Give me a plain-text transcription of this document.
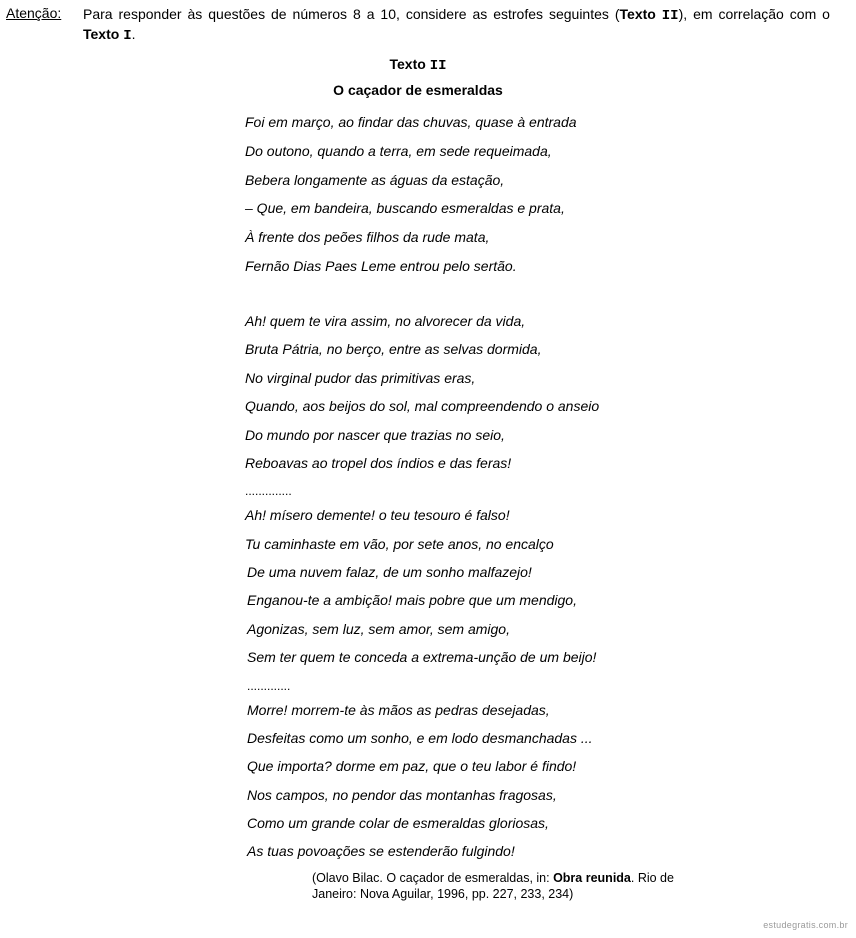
Atenção: Para responder às questões de números 8 a 10, considere as estrofes seguintes (Texto II), em correlação com o Texto I.
Texto II
O caçador de esmeraldas
Foi em março, ao findar das chuvas, quase à entrada
Do outono, quando a terra, em sede requeimada,
Bebera longamente as águas da estação,
– Que, em bandeira, buscando esmeraldas e prata,
À frente dos peões filhos da rude mata,
Fernão Dias Paes Leme entrou pelo sertão.
Ah! quem te vira assim, no alvorecer da vida,
Bruta Pátria, no berço, entre as selvas dormida,
No virginal pudor das primitivas eras,
Quando, aos beijos do sol, mal compreendendo o anseio
Do mundo por nascer que trazias no seio,
Reboavas ao tropel dos índios e das feras!
..............
Ah! mísero demente! o teu tesouro é falso!
Tu caminhaste em vão, por sete anos, no encalço
De uma nuvem falaz, de um sonho malfazejo!
Enganou-te a ambição! mais pobre que um mendigo,
Agonizas, sem luz, sem amor, sem amigo,
Sem ter quem te conceda a extrema-unção de um beijo!
.............
Morre! morrem-te às mãos as pedras desejadas,
Desfeitas como um sonho, e em lodo desmanchadas ...
Que importa? dorme em paz, que o teu labor é findo!
Nos campos, no pendor das montanhas fragosas,
Como um grande colar de esmeraldas gloriosas,
As tuas povoações se estenderão fulgindo!
(Olavo Bilac. O caçador de esmeraldas, in: Obra reunida. Rio de Janeiro: Nova Aguilar, 1996, pp. 227, 233, 234)
estudegratis.com.br
